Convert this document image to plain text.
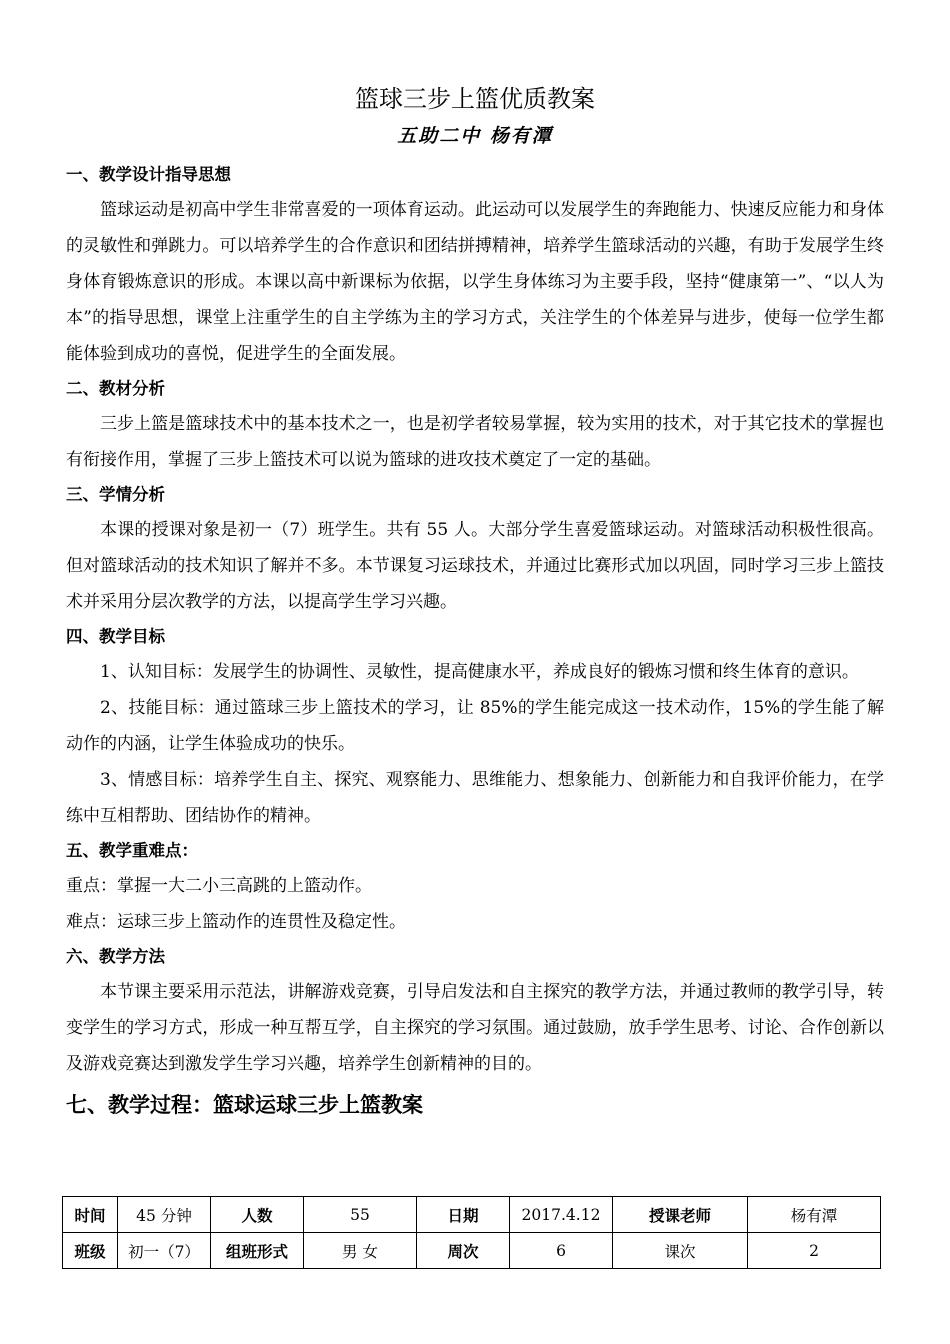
篮球三步上篮优质教案
五助二中 杨有潭
一、教学设计指导思想

篮球运动是初高中学生非常喜爱的一项体育运动。此运动可以发展学生的奔跑能力、快速反应能力和身体的灵敏性和弹跳力。可以培养学生的合作意识和团结拼搏精神，培养学生篮球活动的兴趣，有助于发展学生终身体育锻炼意识的形成。本课以高中新课标为依据，以学生身体练习为主要手段，坚持“健康第一”、“以人为本”的指导思想，课堂上注重学生的自主学练为主的学习方式，关注学生的个体差异与进步，使每一位学生都能体验到成功的喜悦，促进学生的全面发展。

二、教材分析

三步上篮是篮球技术中的基本技术之一，也是初学者较易掌握，较为实用的技术，对于其它技术的掌握也有衔接作用，掌握了三步上篮技术可以说为篮球的进攻技术奠定了一定的基础。

三、学情分析

本课的授课对象是初一（7）班学生。共有 55 人。大部分学生喜爱篮球运动。对篮球活动积极性很高。但对篮球活动的技术知识了解并不多。本节课复习运球技术，并通过比赛形式加以巩固，同时学习三步上篮技术并采用分层次教学的方法，以提高学生学习兴趣。

四、教学目标

1、认知目标：发展学生的协调性、灵敏性，提高健康水平，养成良好的锻炼习惯和终生体育的意识。

2、技能目标：通过篮球三步上篮技术的学习，让 85%的学生能完成这一技术动作，15%的学生能了解动作的内涵，让学生体验成功的快乐。

3、情感目标：培养学生自主、探究、观察能力、思维能力、想象能力、创新能力和自我评价能力，在学练中互相帮助、团结协作的精神。

五、教学重难点：

重点：掌握一大二小三高跳的上篮动作。

难点：运球三步上篮动作的连贯性及稳定性。

六、教学方法

本节课主要采用示范法，讲解游戏竞赛，引导启发法和自主探究的教学方法，并通过教师的教学引导，转变学生的学习方式，形成一种互帮互学，自主探究的学习氛围。通过鼓励，放手学生思考、讨论、合作创新以及游戏竞赛达到激发学生学习兴趣，培养学生创新精神的目的。

七、教学过程：篮球运球三步上篮教案
时间	45 分钟	人数	55	日期	2017.4.12	授课老师	杨有潭
班级	初一（7）	组班形式	男 女	周次	6	课次	2
